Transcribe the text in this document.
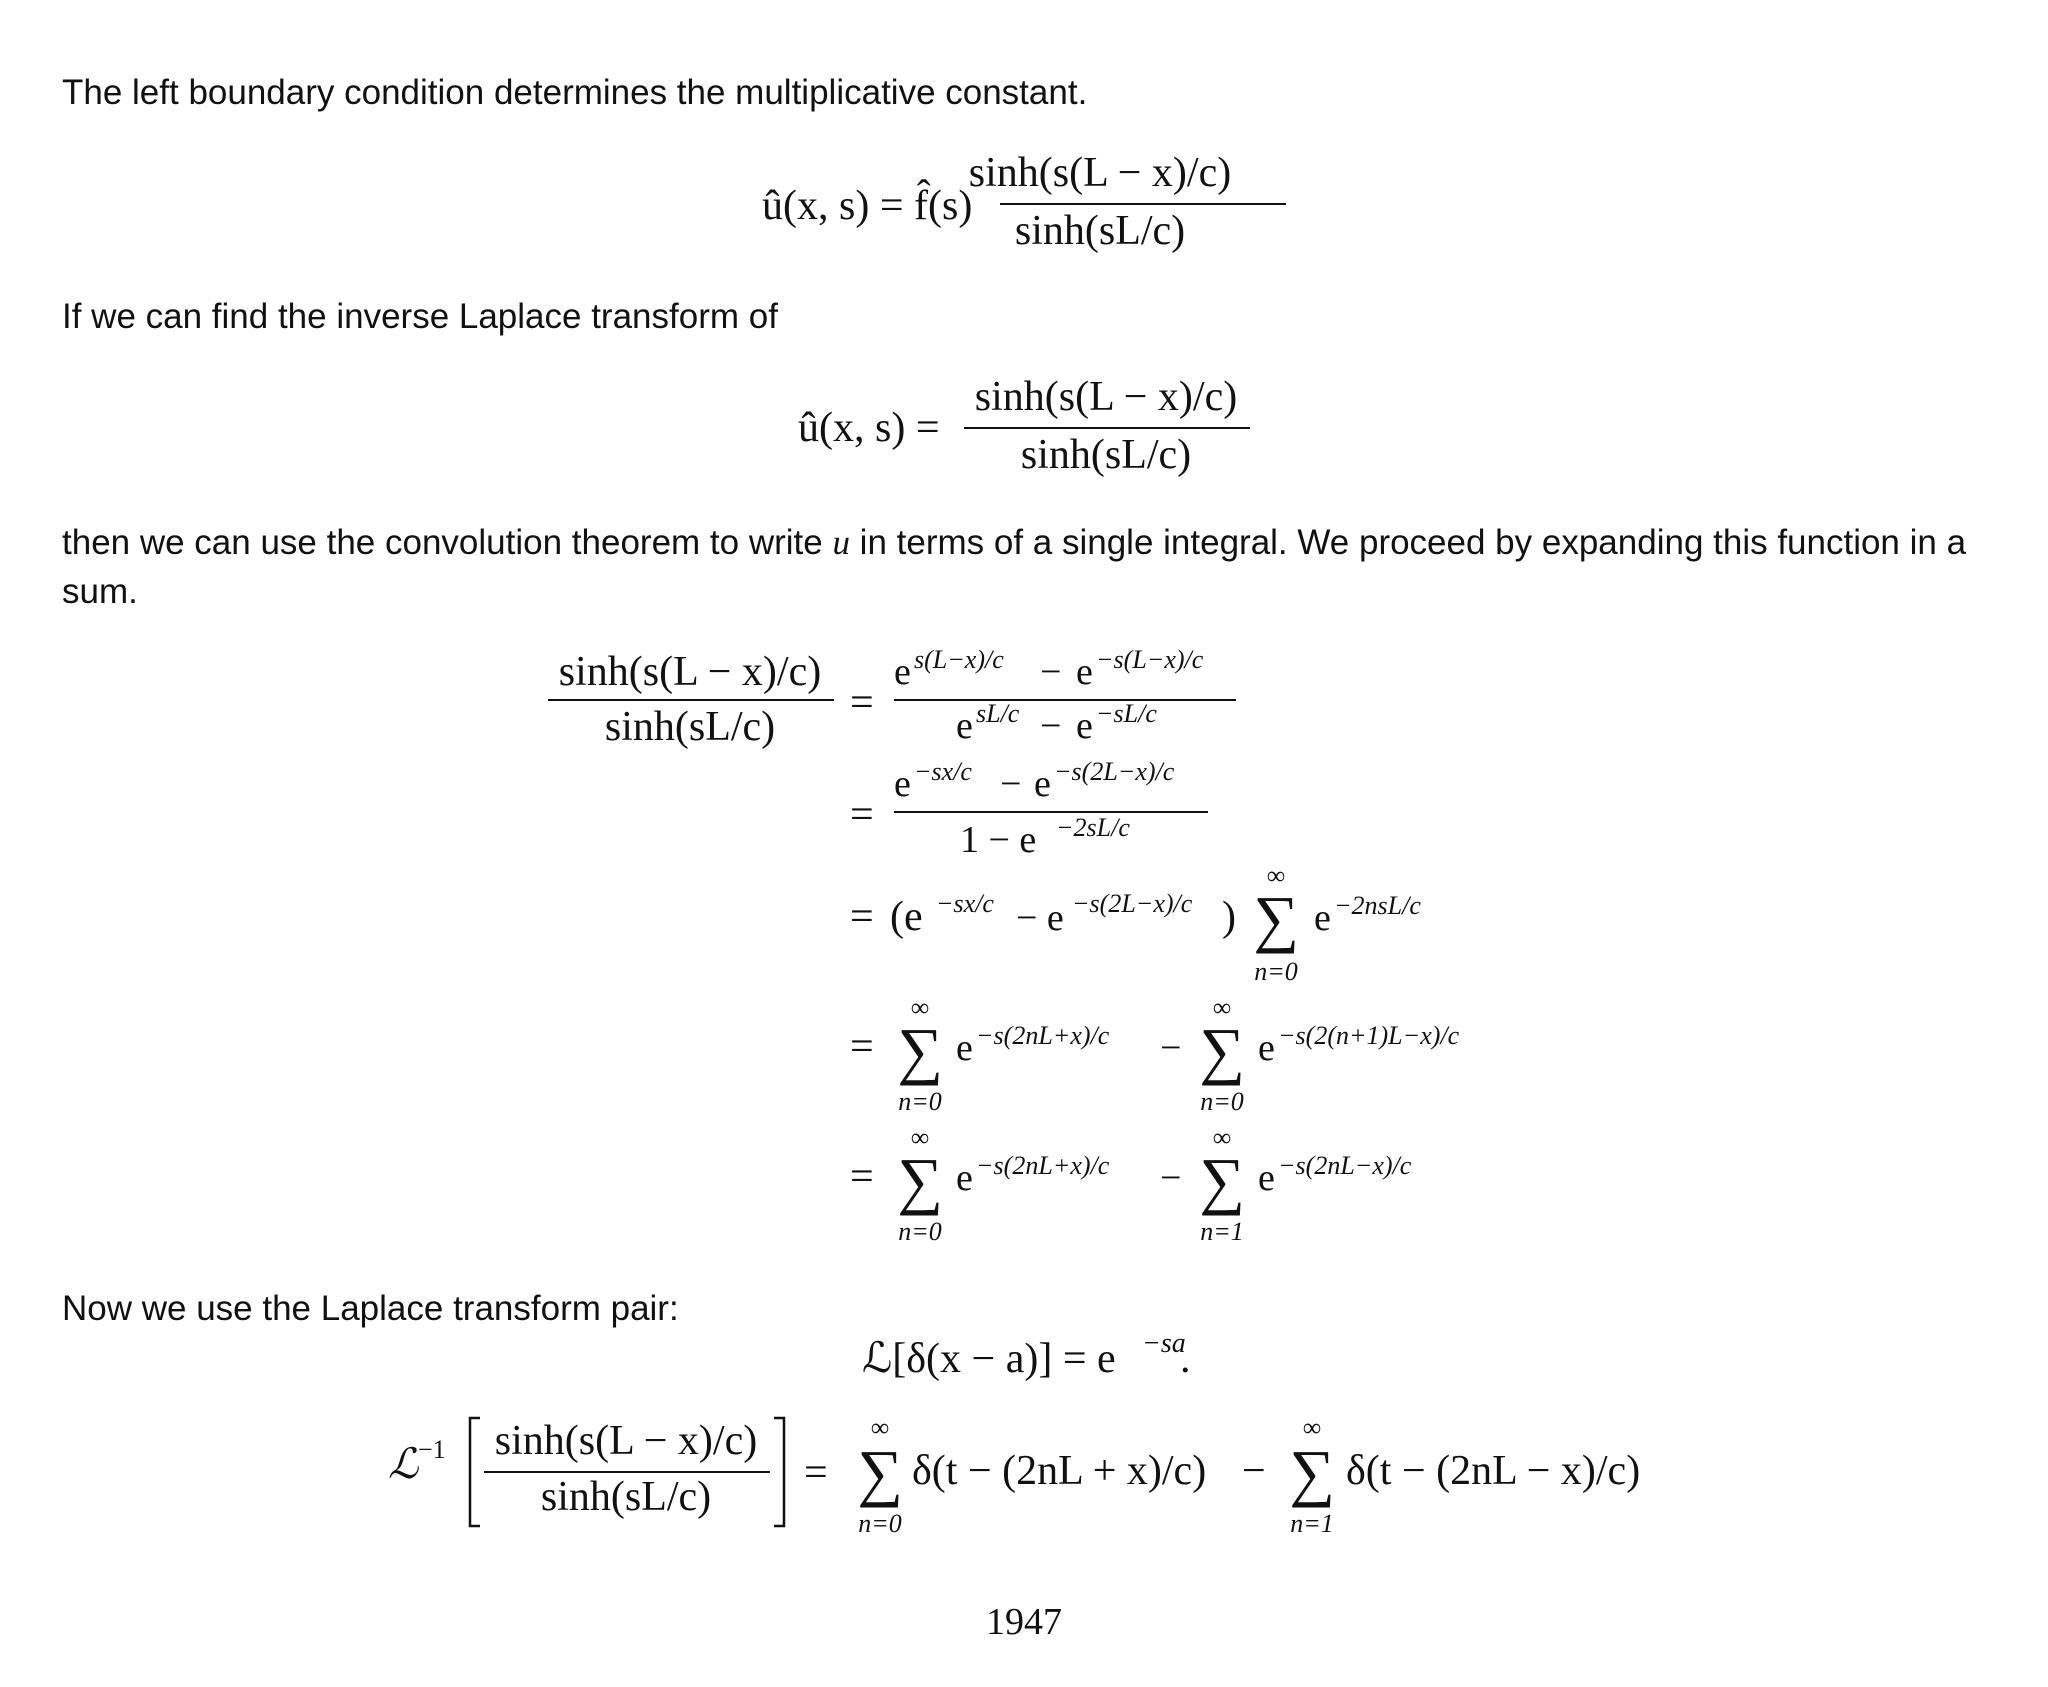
The left boundary condition determines the multiplicative constant.

If we can find the inverse Laplace transform of

then we can use the convolution theorem to write u in terms of a single integral. We proceed by expanding this function in a sum.

Now we use the Laplace transform pair:

û(x, s) = f̂(s)
sinh(s(L − x)/c)
sinh(sL/c)
û(x, s) =
sinh(s(L − x)/c)
sinh(sL/c)
sinh(s(L − x)/c)
sinh(sL/c)
=
e s(L−x)/c − e −s(L−x)/c
e sL/c − e −sL/c
=
e −sx/c − e −s(2L−x)/c
1 − e −2sL/c
= (e −sx/c − e −s(2L−x)/c )
∞
∑
n=0
e −2nsL/c
=
∞
∑
n=0
e −s(2nL+x)/c −
∞
∑
n=0
e −s(2(n+1)L−x)/c
=
∞
∑
n=0
e −s(2nL+x)/c −
∞
∑
n=1
e −s(2nL−x)/c
ℒ[δ(x − a)] = e −sa
.
ℒ −1 sinh(s(L − x)/c)
sinh(sL/c)
=
∞
∑
n=0
δ(t − (2nL + x)/c) −
∞
∑
n=1
δ(t − (2nL − x)/c)
1947
